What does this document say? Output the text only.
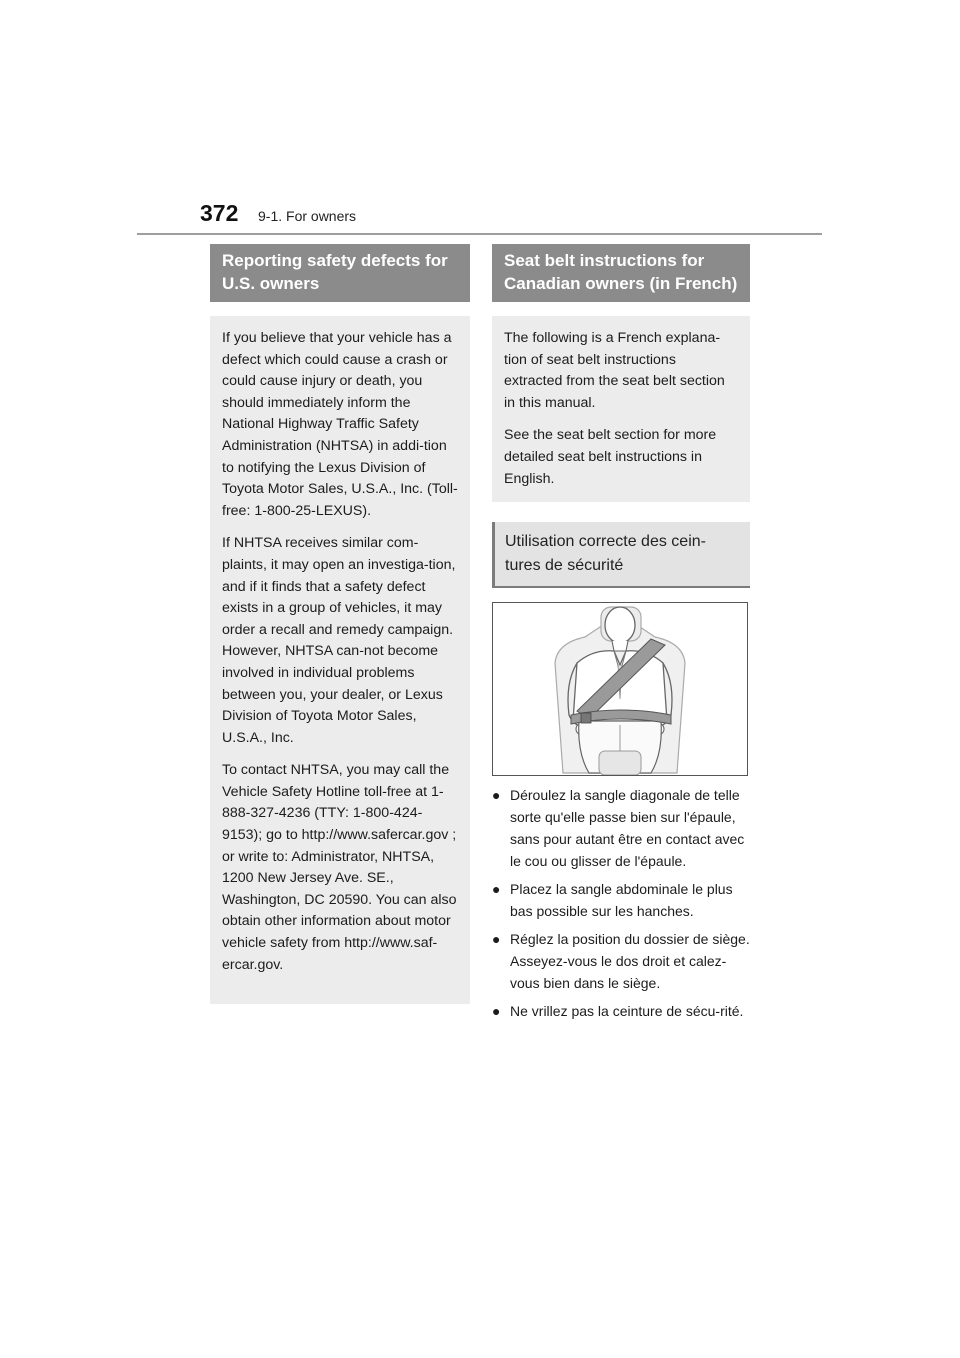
372 9-1. For owners
Reporting safety defects for U.S. owners

If you believe that your vehicle has a defect which could cause a crash or could cause injury or death, you should immediately inform the National Highway Traffic Safety Administration (NHTSA) in addi-tion to notifying the Lexus Division of Toyota Motor Sales, U.S.A., Inc. (Toll-free: 1-800-25-LEXUS).

If NHTSA receives similar com-plaints, it may open an investiga-tion, and if it finds that a safety defect exists in a group of vehicles, it may order a recall and remedy campaign. However, NHTSA can-not become involved in individual problems between you, your dealer, or Lexus Division of Toyota Motor Sales, U.S.A., Inc.

To contact NHTSA, you may call the Vehicle Safety Hotline toll-free at 1-888-327-4236 (TTY: 1-800-424-9153); go to http://www.safercar.gov ; or write to: Administrator, NHTSA, 1200 New Jersey Ave. SE., Washington, DC 20590. You can also obtain other information about motor vehicle safety from http://www.saf-ercar.gov.

Seat belt instructions for Canadian owners (in French)

The following is a French explana-tion of seat belt instructions extracted from the seat belt section in this manual.

See the seat belt section for more detailed seat belt instructions in English.

Utilisation correcte des cein-tures de sécurité
● Déroulez la sangle diagonale de telle sorte qu'elle passe bien sur l'épaule, sans pour autant être en contact avec le cou ou glisser de l'épaule.
● Placez la sangle abdominale le plus bas possible sur les hanches.
● Réglez la position du dossier de siège. Asseyez-vous le dos droit et calez-vous bien dans le siège.
● Ne vrillez pas la ceinture de sécu-rité.
